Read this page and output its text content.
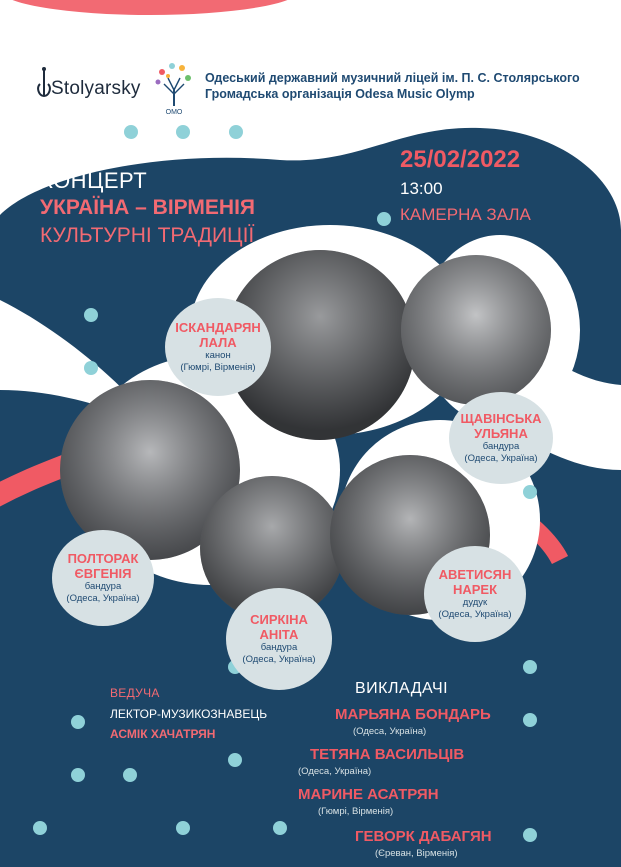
Stolyarsky
OMO
Одеський державний музичний ліцей ім. П. С. Столярського
Громадська організація Odesa Music Olymp
КОНЦЕРТ
УКРАЇНА – ВІРМЕНІЯ
КУЛЬТУРНІ ТРАДИЦІЇ
25/02/2022
13:00
КАМЕРНА ЗАЛА
ІСКАНДАРЯН
ЛАЛА
канон
(Гюмрі, Вірменія)
ЩАВІНСЬКА
УЛЬЯНА
бандура
(Одеса, Україна)
ПОЛТОРАК
ЄВГЕНІЯ
бандура
(Одеса, Україна)
СИРКІНА
АНІТА
бандура
(Одеса, Україна)
АВЕТИСЯН
НАРЕК
дудук
(Одеса, Україна)
ВЕДУЧА
ЛЕКТОР-МУЗИКОЗНАВЕЦЬ
АСМІК ХАЧАТРЯН
ВИКЛАДАЧІ
МАРЬЯНА БОНДАРЬ
(Одеса, Україна)
ТЕТЯНА ВАСИЛЬЦІВ
(Одеса, Україна)
МАРИНЕ АСАТРЯН
(Гюмрі, Вірменія)
ГЕВОРК ДАБАГЯН
(Єреван, Вірменія)
